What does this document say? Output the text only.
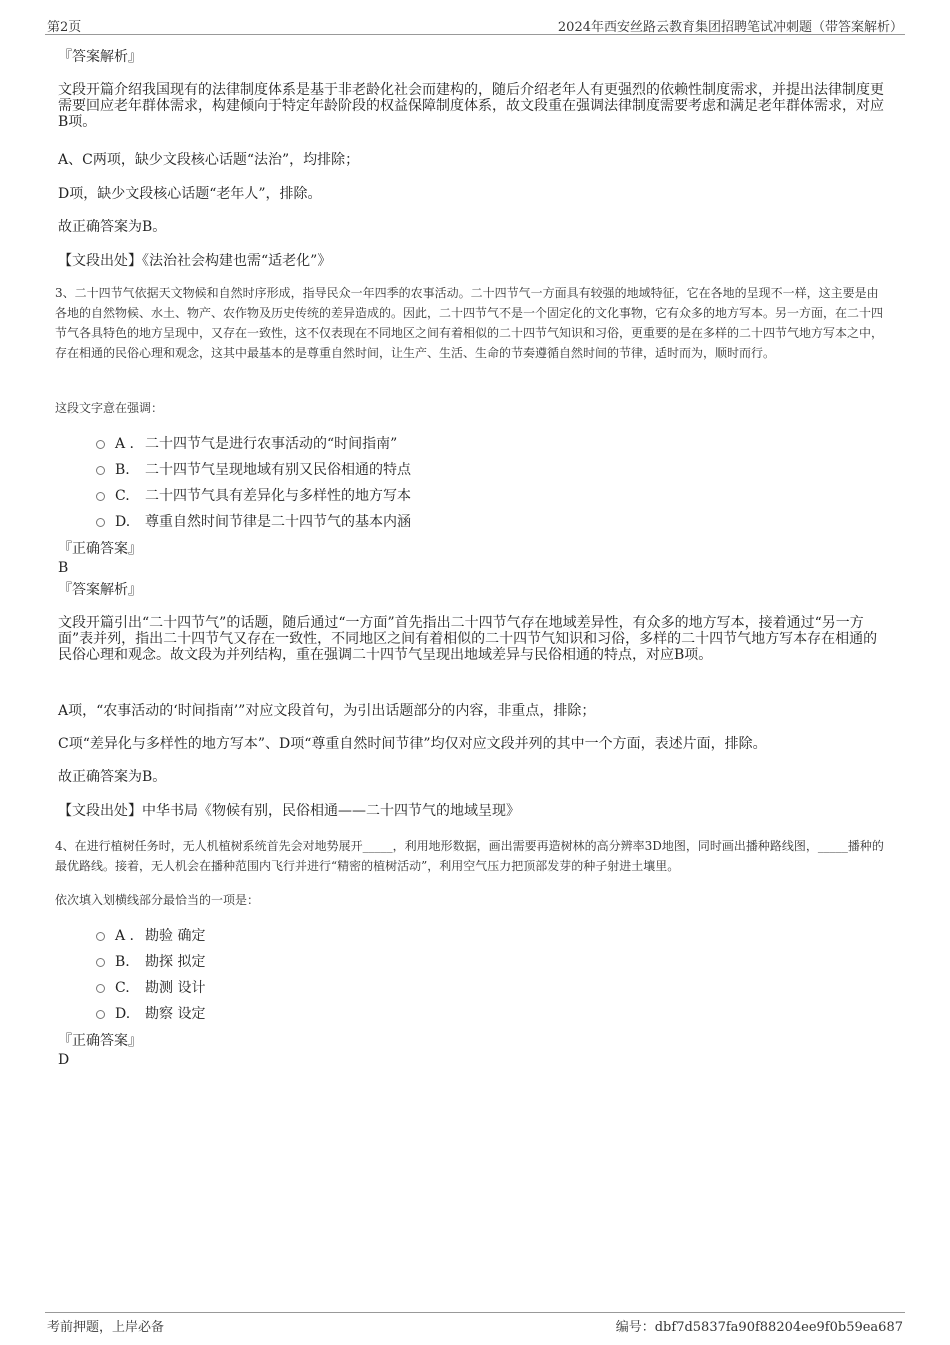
第2页	2024年西安丝路云教育集团招聘笔试冲刺题（带答案解析）
『答案解析』
文段开篇介绍我国现有的法律制度体系是基于非老龄化社会而建构的，随后介绍老年人有更强烈的依赖性制度需求，并提出法律制度更需要回应老年群体需求，构建倾向于特定年龄阶段的权益保障制度体系，故文段重在强调法律制度需要考虑和满足老年群体需求，对应B项。
A、C两项，缺少文段核心话题“法治”，均排除；
D项，缺少文段核心话题“老年人”，排除。
故正确答案为B。
【文段出处】《法治社会构建也需“适老化”》
3、二十四节气依据天文物候和自然时序形成，指导民众一年四季的农事活动。二十四节气一方面具有较强的地域特征，它在各地的呈现不一样，这主要是由各地的自然物候、水土、物产、农作物及历史传统的差异造成的。因此，二十四节气不是一个固定化的文化事物，它有众多的地方写本。另一方面，在二十四节气各具特色的地方呈现中，又存在一致性，这不仅表现在不同地区之间有着相似的二十四节气知识和习俗，更重要的是在多样的二十四节气地方写本之中，存在相通的民俗心理和观念，这其中最基本的是尊重自然时间，让生产、生活、生命的节奏遵循自然时间的节律，适时而为，顺时而行。
这段文字意在强调：
A . 二十四节气是进行农事活动的“时间指南”
B. 二十四节气呈现地域有别又民俗相通的特点
C. 二十四节气具有差异化与多样性的地方写本
D. 尊重自然时间节律是二十四节气的基本内涵
『正确答案』
B
『答案解析』
文段开篇引出“二十四节气”的话题，随后通过“一方面”首先指出二十四节气存在地域差异性，有众多的地方写本，接着通过“另一方面”表并列，指出二十四节气又存在一致性，不同地区之间有着相似的二十四节气知识和习俗，多样的二十四节气地方写本存在相通的民俗心理和观念。故文段为并列结构，重在强调二十四节气呈现出地域差异与民俗相通的特点，对应B项。
A项，“农事活动的‘时间指南’”对应文段首句，为引出话题部分的内容，非重点，排除；
C项“差异化与多样性的地方写本”、D项“尊重自然时间节律”均仅对应文段并列的其中一个方面，表述片面，排除。
故正确答案为B。
【文段出处】中华书局《物候有别，民俗相通——二十四节气的地域呈现》
4、在进行植树任务时，无人机植树系统首先会对地势展开_____，利用地形数据，画出需要再造树林的高分辨率3D地图，同时画出播种路线图，_____播种的最优路线。接着，无人机会在播种范围内飞行并进行“精密的植树活动”，利用空气压力把顶部发芽的种子射进土壤里。
依次填入划横线部分最恰当的一项是：
A . 勘验 确定
B. 勘探 拟定
C. 勘测 设计
D. 勘察 设定
『正确答案』
D
考前押题，上岸必备	编号：dbf7d5837fa90f88204ee9f0b59ea687
